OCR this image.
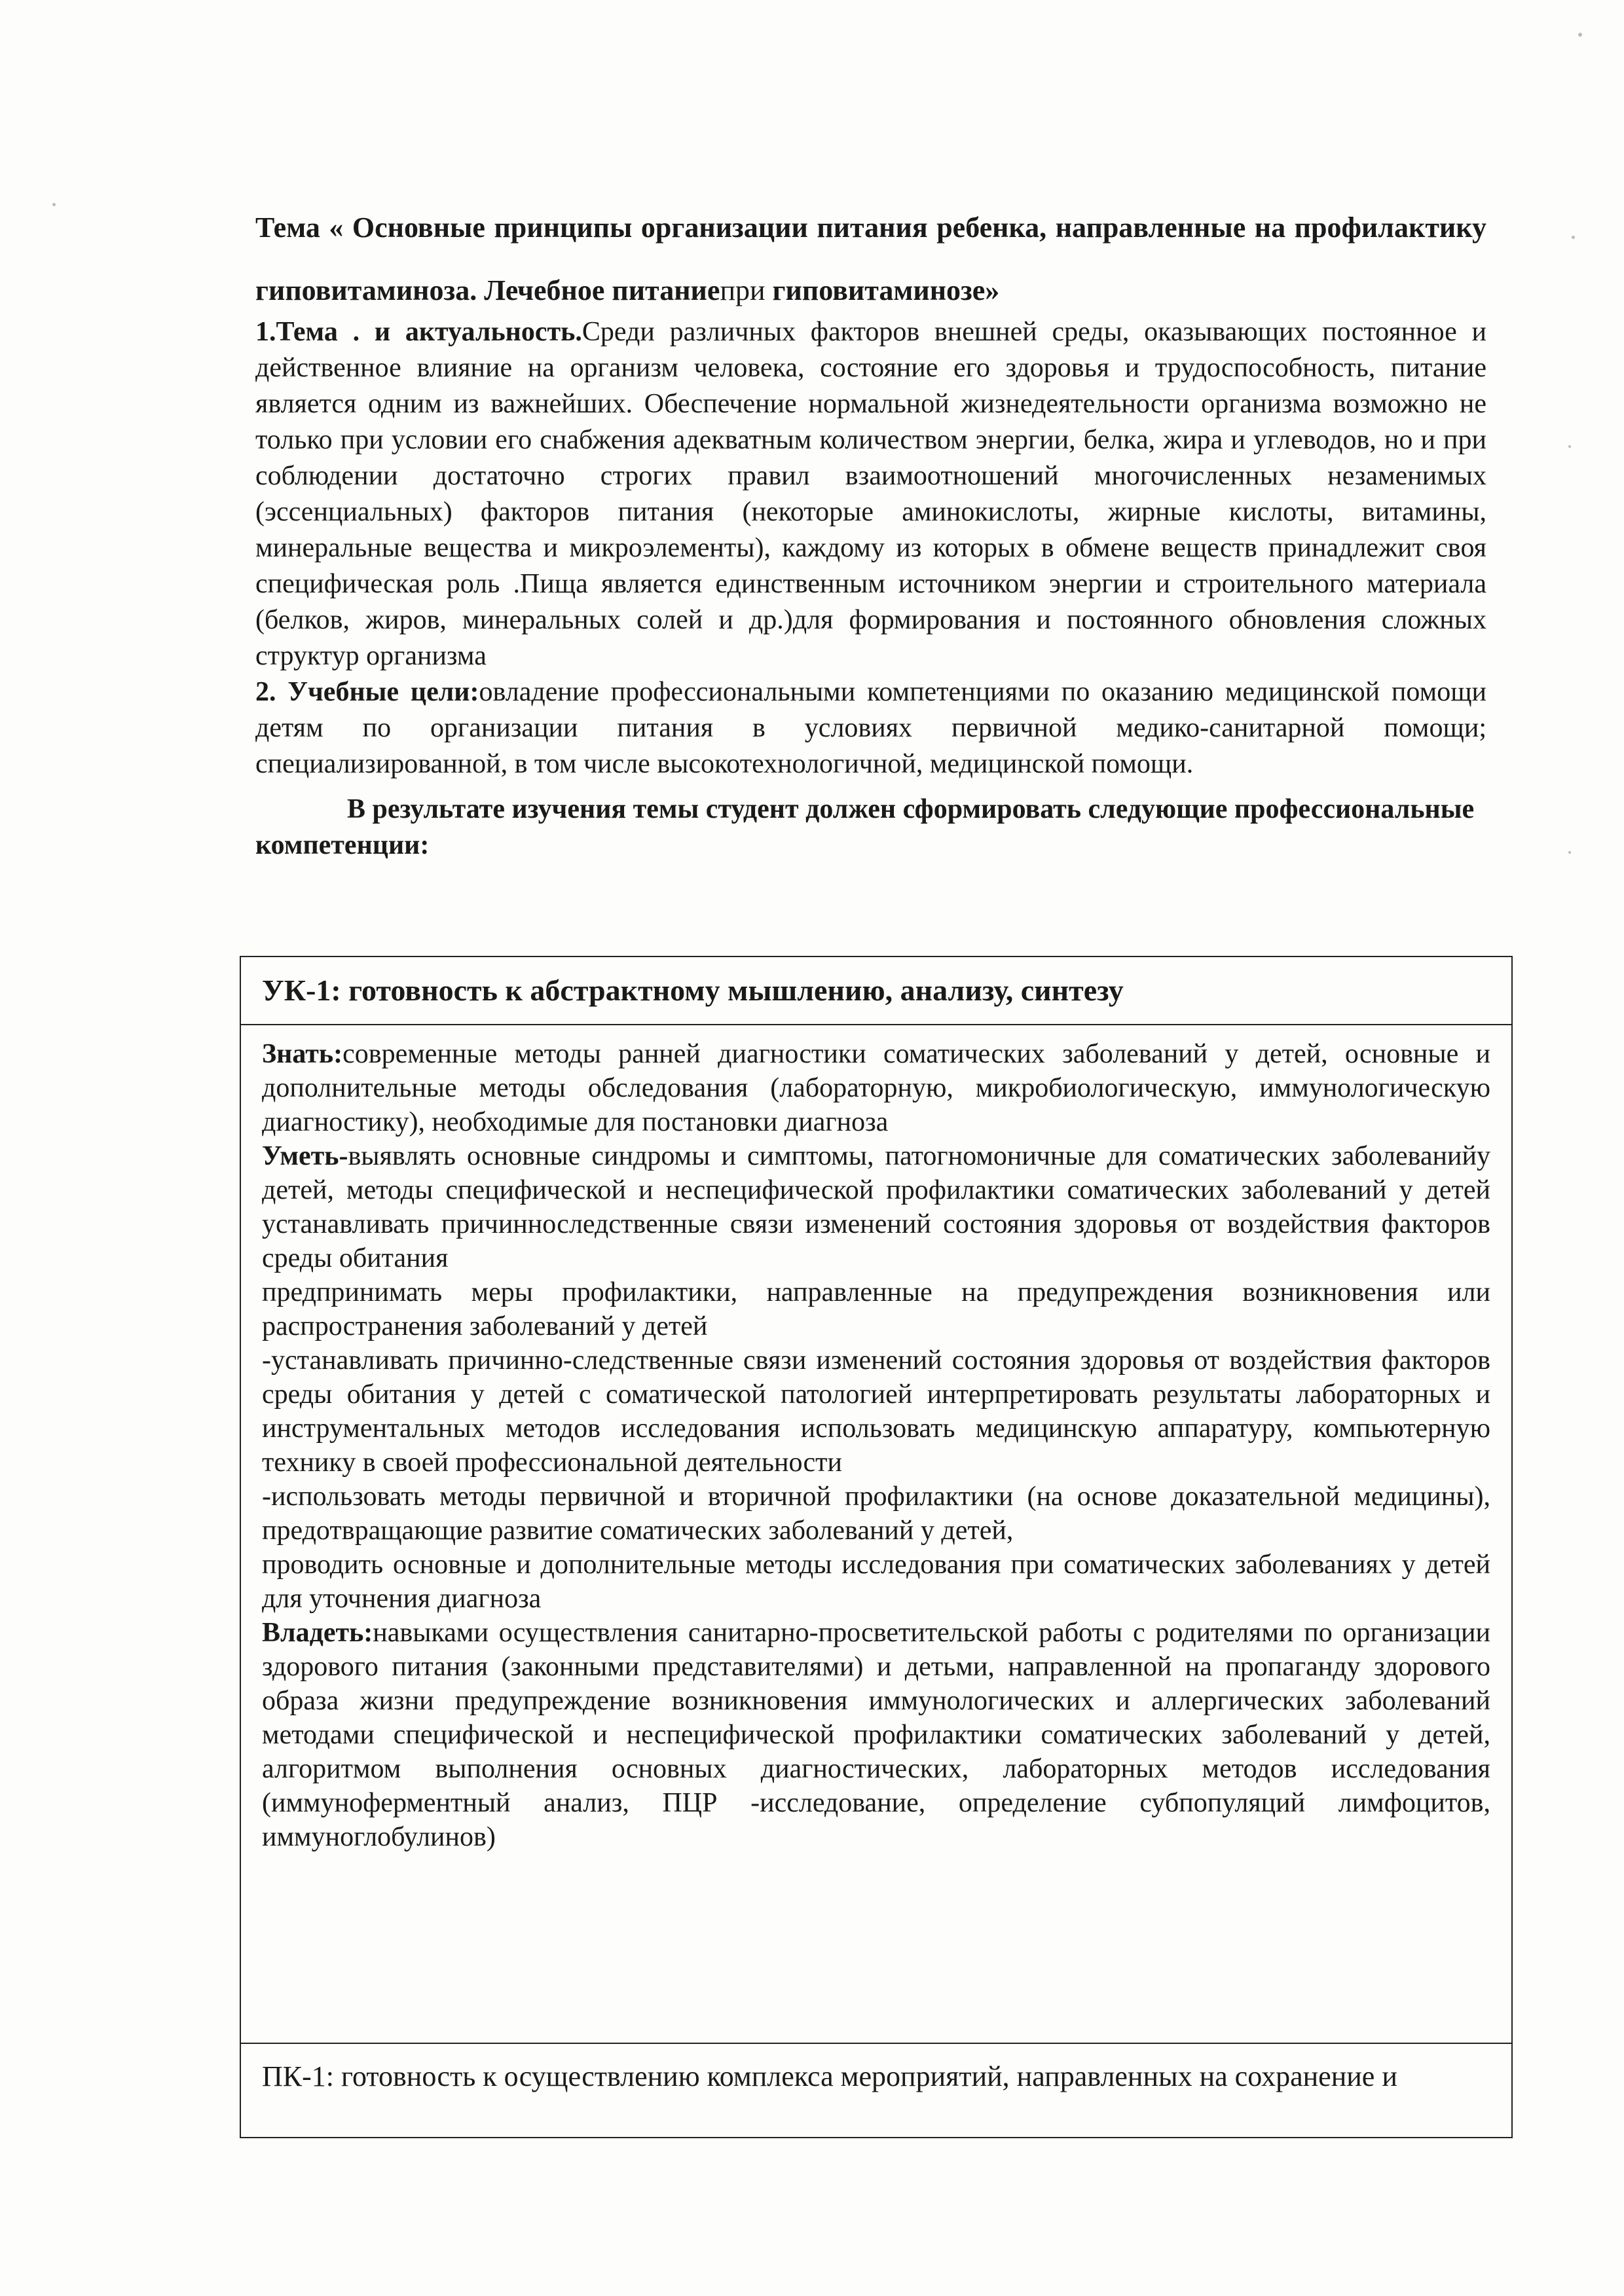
Тема « Основные принципы организации питания ребенка, направленные на профилактику гиповитаминоза. Лечебное питаниепри гиповитаминозе»

1.Тема . и актуальность.Среди различных факторов внешней среды, оказывающих постоянное и действенное влияние на организм человека, состояние его здоровья и трудоспособность, питание является одним из важнейших. Обеспечение нормальной жизнедеятельности организма возможно не только при условии его снабжения адекватным количеством энергии, белка, жира и углеводов, но и при соблюдении достаточно строгих правил взаимоотношений многочисленных незаменимых (эссенциальных) факторов питания (некоторые аминокислоты, жирные кислоты, витамины, минеральные вещества и микроэлементы), каждому из которых в обмене веществ принадлежит своя специфическая роль .Пища является единственным источником энергии и строительного материала (белков, жиров, минеральных солей и др.)для формирования и постоянного обновления сложных структур организма

2. Учебные цели:овладение профессиональными компетенциями по оказанию медицинской помощи детям по организации питания в условиях первичной медико-санитарной помощи; специализированной, в том числе высокотехнологичной, медицинской помощи.

В результате изучения темы студент должен сформировать следующие профессиональные компетенции:

УК-1: готовность к абстрактному мышлению, анализу, синтезу

Знать:современные методы ранней диагностики соматических заболеваний у детей, основные и дополнительные методы обследования (лабораторную, микробиологическую, иммунологическую диагностику), необходимые для постановки диагноза

Уметь-выявлять основные синдромы и симптомы, патогномоничные для соматических заболеванийу детей, методы специфической и неспецифической профилактики соматических заболеваний у детей устанавливать причинноследственные связи изменений состояния здоровья от воздействия факторов среды обитания

предпринимать меры профилактики, направленные на предупреждения возникновения или распространения заболеваний у детей

-устанавливать причинно-следственные связи изменений состояния здоровья от воздействия факторов среды обитания у детей с соматической патологией интерпретировать результаты лабораторных и инструментальных методов исследования использовать медицинскую аппаратуру, компьютерную технику в своей профессиональной деятельности

-использовать методы первичной и вторичной профилактики (на основе доказательной медицины), предотвращающие развитие соматических заболеваний у детей,

проводить основные и дополнительные методы исследования при соматических заболеваниях у детей для уточнения диагноза

Владеть:навыками осуществления санитарно-просветительской работы с родителями по организации здорового питания (законными представителями) и детьми, направленной на пропаганду здорового образа жизни предупреждение возникновения иммунологических и аллергических заболеваний методами специфической и неспецифической профилактики соматических заболеваний у детей, алгоритмом выполнения основных диагностических, лабораторных методов исследования (иммуноферментный анализ, ПЦР -исследование, определение субпопуляций лимфоцитов, иммуноглобулинов)

ПК-1: готовность к осуществлению комплекса мероприятий, направленных на сохранение и
